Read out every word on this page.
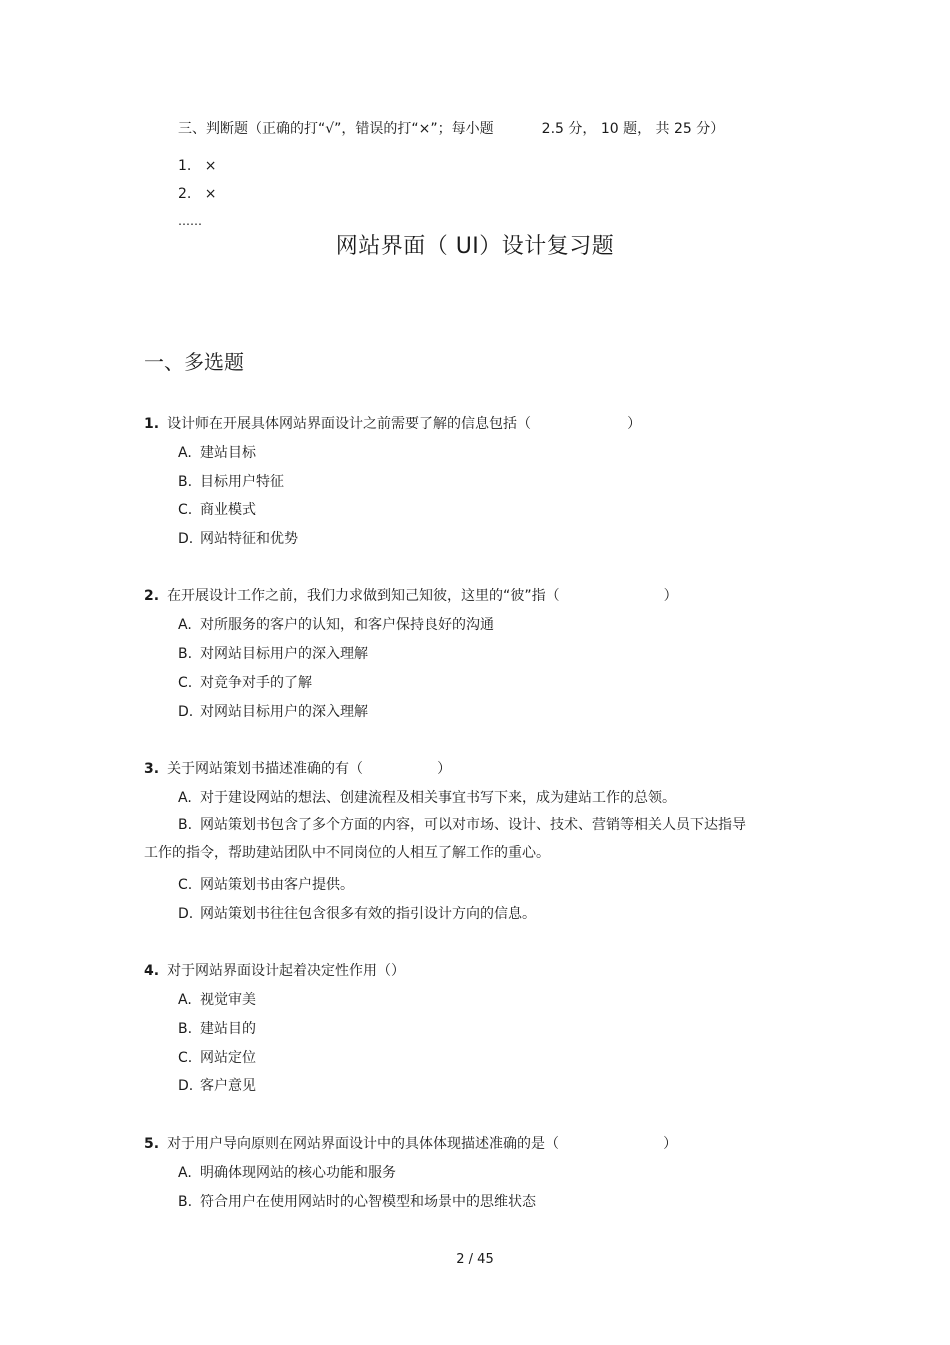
三、判断题（正确的打“√”，错误的打“×”；每小题	2.5 分， 10 题， 共 25 分）
1. ×
2. ×
……
网站界面（ UI）设计复习题
一、多选题
1. 设计师在开展具体网站界面设计之前需要了解的信息包括（	）
A. 建站目标
B. 目标用户特征
C. 商业模式
D. 网站特征和优势
2. 在开展设计工作之前，我们力求做到知己知彼，这里的“彼”指（	）
A. 对所服务的客户的认知，和客户保持良好的沟通
B. 对网站目标用户的深入理解
C. 对竞争对手的了解
D. 对网站目标用户的深入理解
3. 关于网站策划书描述准确的有（	）
A. 对于建设网站的想法、创建流程及相关事宜书写下来，成为建站工作的总领。
B. 网站策划书包含了多个方面的内容，可以对市场、设计、技术、营销等相关人员下达指导工作的指令，帮助建站团队中不同岗位的人相互了解工作的重心。
C. 网站策划书由客户提供。
D. 网站策划书往往包含很多有效的指引设计方向的信息。
4. 对于网站界面设计起着决定性作用（）
A. 视觉审美
B. 建站目的
C. 网站定位
D. 客户意见
5. 对于用户导向原则在网站界面设计中的具体体现描述准确的是（	）
A. 明确体现网站的核心功能和服务
B. 符合用户在使用网站时的心智模型和场景中的思维状态
2 / 45
